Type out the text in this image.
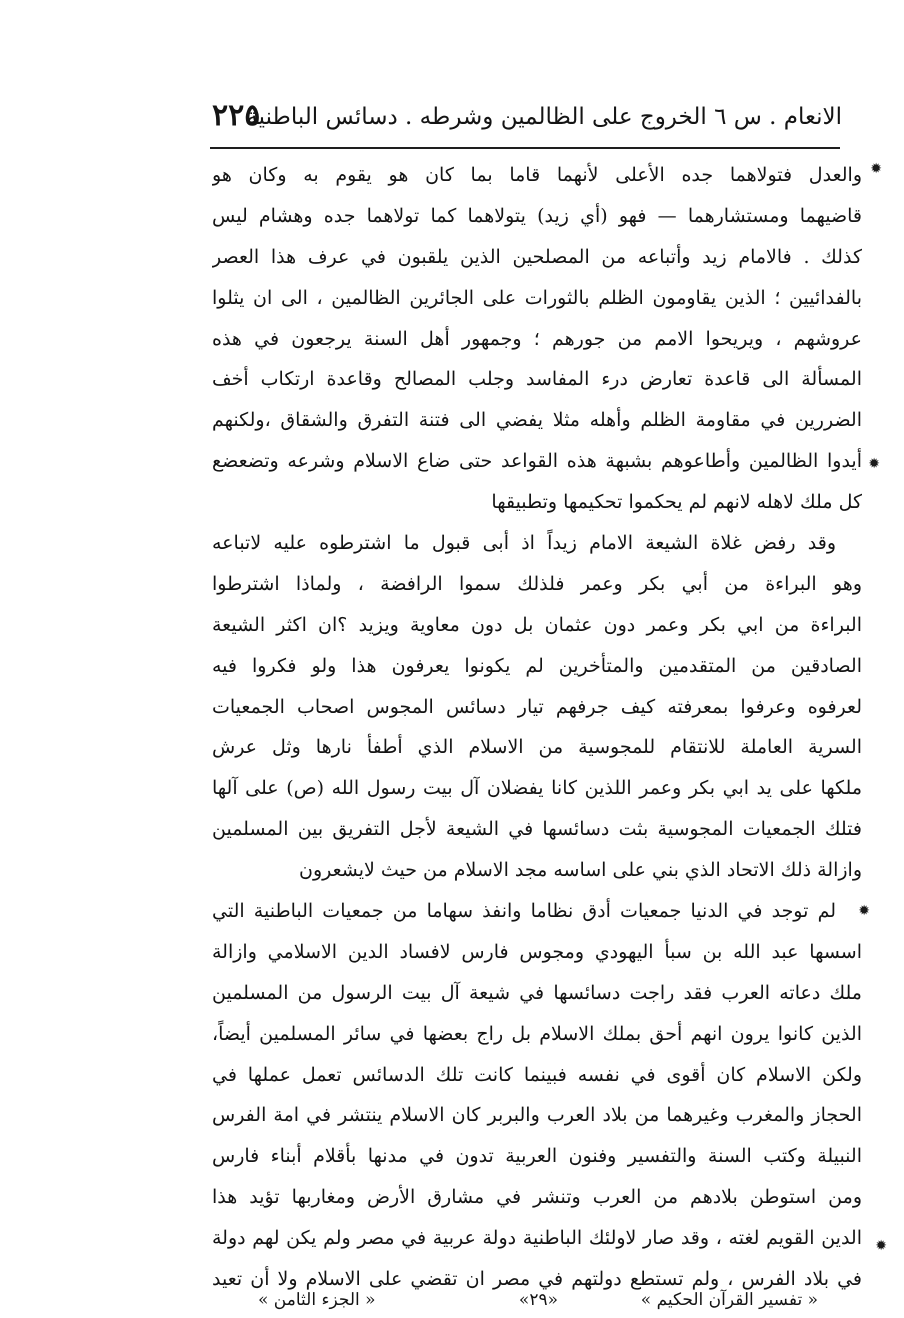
الانعام . س ٦ الخروج على الظالمين وشرطه . دسائس الباطنية
٢٢٥
والعدل فتولاهما جده الأعلى لأنهما قاما بما كان هو يقوم به وكان هو
قاضيهما ومستشارهما — فهو (أي زيد) يتولاهما كما تولاهما جده وهشام ليس
كذلك . فالامام زيد وأتباعه من المصلحين الذين يلقبون في عرف هذا العصر
بالفدائيين ؛ الذين يقاومون الظلم بالثورات على الجائرين الظالمين ، الى ان يثلوا
عروشهم ، ويريحوا الامم من جورهم ؛ وجمهور أهل السنة يرجعون في هذه
المسألة الى قاعدة تعارض درء المفاسد وجلب المصالح وقاعدة ارتكاب أخف
الضررين في مقاومة الظلم وأهله مثلا يفضي الى فتنة التفرق والشقاق ،ولكنهم
أيدوا الظالمين وأطاعوهم بشبهة هذه القواعد حتى ضاع الاسلام وشرعه وتضعضع
كل ملك لاهله لانهم لم يحكموا تحكيمها وتطبيقها
وقد رفض غلاة الشيعة الامام زيداً اذ أبى قبول ما اشترطوه عليه لاتباعه
وهو البراءة من أبي بكر وعمر فلذلك سموا الرافضة ، ولماذا اشترطوا
البراءة من ابي بكر وعمر دون عثمان بل دون معاوية ويزيد ؟ان اكثر الشيعة
الصادقين من المتقدمين والمتأخرين لم يكونوا يعرفون هذا ولو فكروا فيه
لعرفوه وعرفوا بمعرفته كيف جرفهم تيار دسائس المجوس اصحاب الجمعيات
السرية العاملة للانتقام للمجوسية من الاسلام الذي أطفأ نارها وثل عرش
ملكها على يد ابي بكر وعمر اللذين كانا يفضلان آل بيت رسول الله (ص) على آلها
فتلك الجمعيات المجوسية بثت دسائسها في الشيعة لأجل التفريق بين المسلمين
وازالة ذلك الاتحاد الذي بني على اساسه مجد الاسلام من حيث لايشعرون
لم توجد في الدنيا جمعيات أدق نظاما وانفذ سهاما من جمعيات الباطنية التي
اسسها عبد الله بن سبأ اليهودي ومجوس فارس لافساد الدين الاسلامي وازالة
ملك دعاته العرب فقد راجت دسائسها في شيعة آل بيت الرسول من المسلمين
الذين كانوا يرون انهم أحق بملك الاسلام بل راج بعضها في سائر المسلمين أيضاً،
ولكن الاسلام كان أقوى في نفسه فبينما كانت تلك الدسائس تعمل عملها في
الحجاز والمغرب وغيرهما من بلاد العرب والبربر كان الاسلام ينتشر في امة الفرس
النبيلة وكتب السنة والتفسير وفنون العربية تدون في مدنها بأقلام أبناء فارس
ومن استوطن بلادهم من العرب وتنشر في مشارق الأرض ومغاربها تؤيد هذا
الدين القويم لغته ، وقد صار لاولئك الباطنية دولة عربية في مصر ولم يكن لهم دولة
في بلاد الفرس ، ولم تستطع دولتهم في مصر ان تقضي على الاسلام ولا أن تعيد
✹
✹
✹
✹
« تفسير القرآن الحكيم »
«٢٩»
« الجزء الثامن »
